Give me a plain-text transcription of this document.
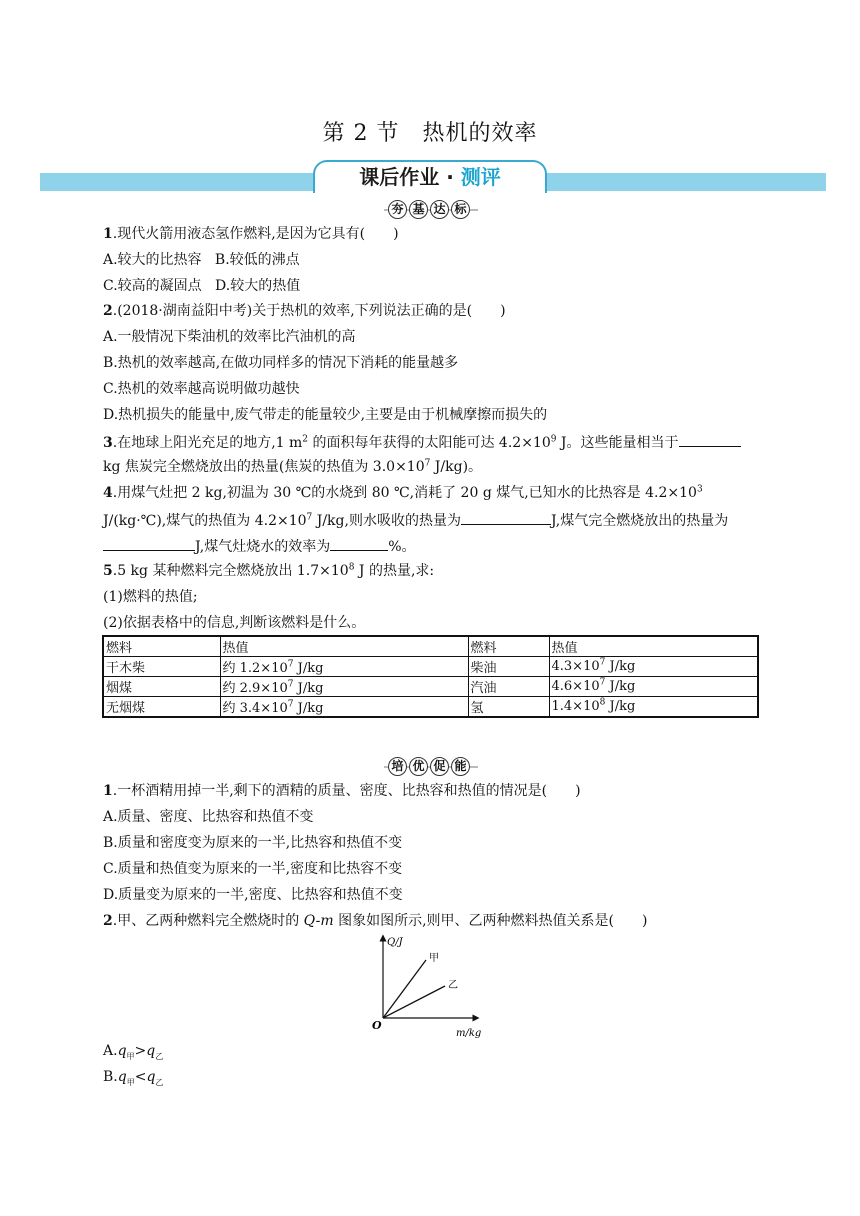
第 2 节　热机的效率
课后作业 · 测评
夯 基 达 标
1.现代火箭用液态氢作燃料,是因为它具有(　　)
A.较大的比热容 B.较低的沸点
C.较高的凝固点 D.较大的热值
2.(2018·湖南益阳中考)关于热机的效率,下列说法正确的是(　　)
A.一般情况下柴油机的效率比汽油机的高
B.热机的效率越高,在做功同样多的情况下消耗的能量越多
C.热机的效率越高说明做功越快
D.热机损失的能量中,废气带走的能量较少,主要是由于机械摩擦而损失的
3.在地球上阳光充足的地方,1 $m^2$ 的面积每年获得的太阳能可达 $4.2\times 10^9$ J。这些能量相当于
kg 焦炭完全燃烧放出的热量(焦炭的热值为 $3.0\times 10^7$ J/kg)。
4.用煤气灶把 2 kg,初温为 30 ℃的水烧到 80 ℃,消耗了 20 g 煤气,已知水的比热容是 $4.2\times 10^3$
J/(kg·℃),煤气的热值为 $4.2\times 10^7$ J/kg,则水吸收的热量为	J,煤气完全燃烧放出的热量为
J,煤气灶烧水的效率为	%。
5.5 kg 某种燃料完全燃烧放出 $1.7\times 10^8$ J 的热量,求:
(1)燃料的热值;
(2)依据表格中的信息,判断该燃料是什么。
燃料	热值	燃料	热值
干木柴	约 $1.2\times 10^7$ J/kg	柴油	$4.3\times 10^7$ J/kg
烟煤	约 $2.9\times 10^7$ J/kg	汽油	$4.6\times 10^7$ J/kg
无烟煤	约 $3.4\times 10^7$ J/kg	氢	$1.4\times 10^8$ J/kg
培 优 促 能
1.一杯酒精用掉一半,剩下的酒精的质量、密度、比热容和热值的情况是(　　)
A.质量、密度、比热容和热值不变
B.质量和密度变为原来的一半,比热容和热值不变
C.质量和热值变为原来的一半,密度和比热容不变
D.质量变为原来的一半,密度、比热容和热值不变
2.甲、乙两种燃料完全燃烧时的 Q-m 图象如图所示,则甲、乙两种燃料热值关系是(　　)
Q/J
m/kg
O
甲
乙
$A.q_甲>q_乙$
$B.q_甲<q_乙$
